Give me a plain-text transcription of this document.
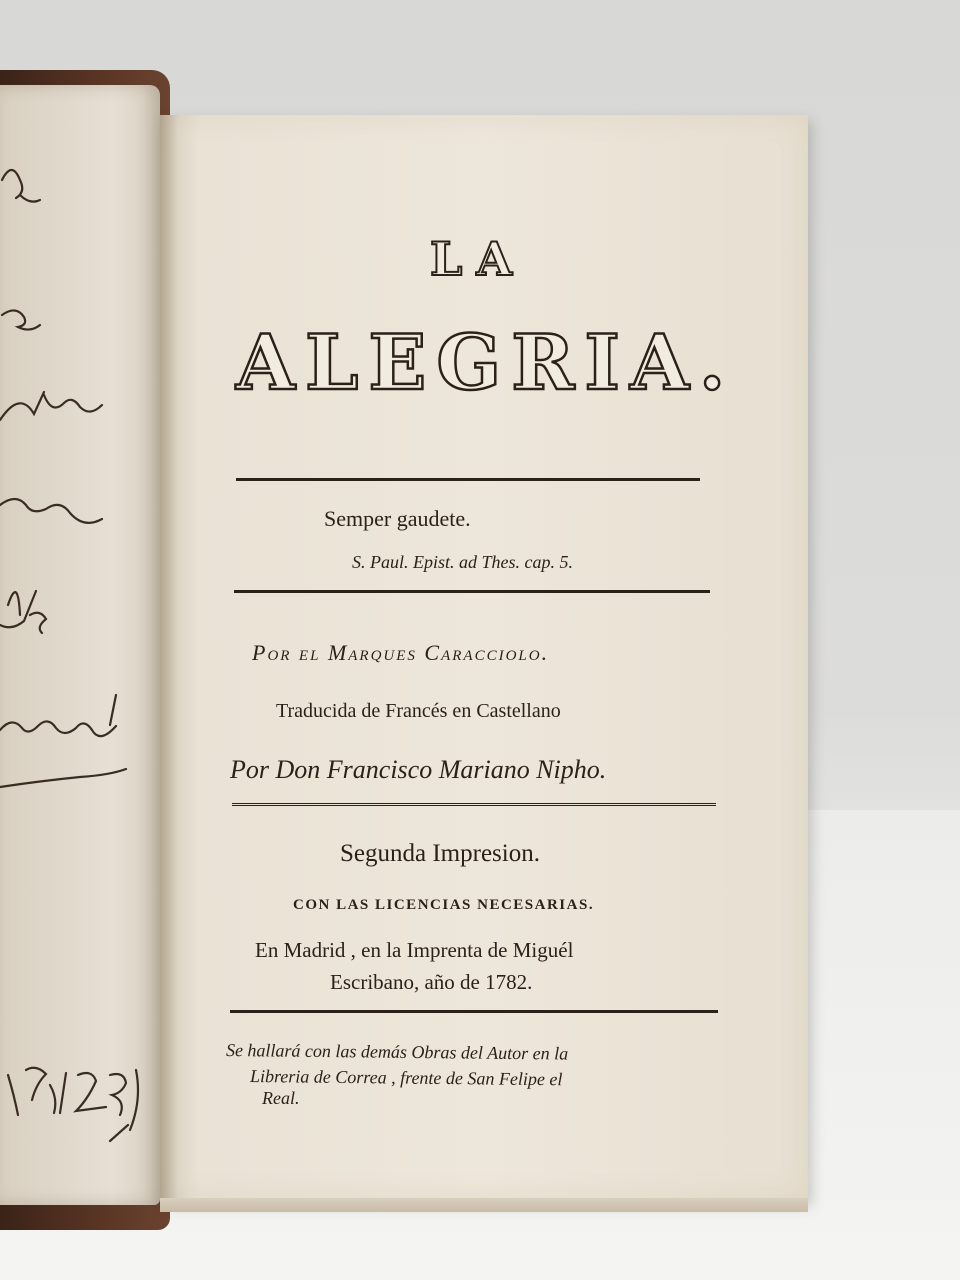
LA
ALEGRIA.
Semper gaudete.
S. Paul. Epist. ad Thes. cap. 5.
Por el Marques Caracciolo.
Traducida de Francés en Castellano
Por Don Francisco Mariano Nipho.
Segunda Impresion.
CON LAS LICENCIAS NECESARIAS.
En Madrid , en la Imprenta de Miguél
Escribano, año de 1782.
Se hallará con las demás Obras del Autor en la
Libreria de Correa , frente de San Felipe el
Real.
